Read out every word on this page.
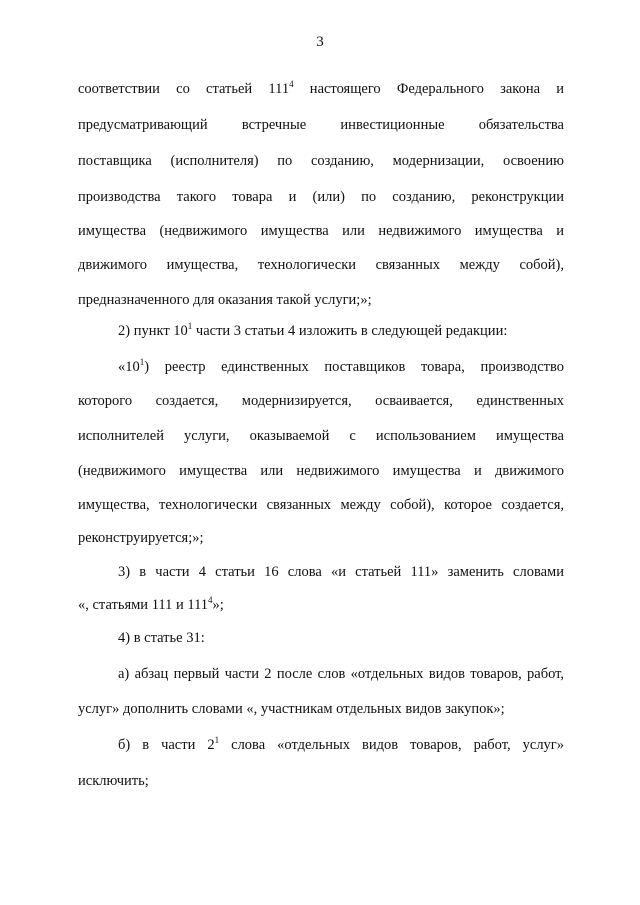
3
соответствии со статьей $111^4$ настоящего Федерального закона и
предусматривающий встречные инвестиционные обязательства
поставщика (исполнителя) по созданию, модернизации, освоению
производства такого товара и (или) по созданию, реконструкции
имущества (недвижимого имущества или недвижимого имущества и
движимого имущества, технологически связанных между собой),
предназначенного для оказания такой услуги;»;
2) пункт $10^1$ части 3 статьи 4 изложить в следующей редакции:
«$10^1$) реестр единственных поставщиков товара, производство
которого создается, модернизируется, осваивается, единственных
исполнителей услуги, оказываемой с использованием имущества
(недвижимого имущества или недвижимого имущества и движимого
имущества, технологически связанных между собой), которое создается,
реконструируется;»;
3) в части 4 статьи 16 слова «и статьей 111» заменить словами
«, статьями 111 и $111^4$»;
4) в статье 31:
а) абзац первый части 2 после слов «отдельных видов товаров, работ,
услуг» дополнить словами «, участникам отдельных видов закупок»;
б) в части $2^1$ слова «отдельных видов товаров, работ, услуг»
исключить;
